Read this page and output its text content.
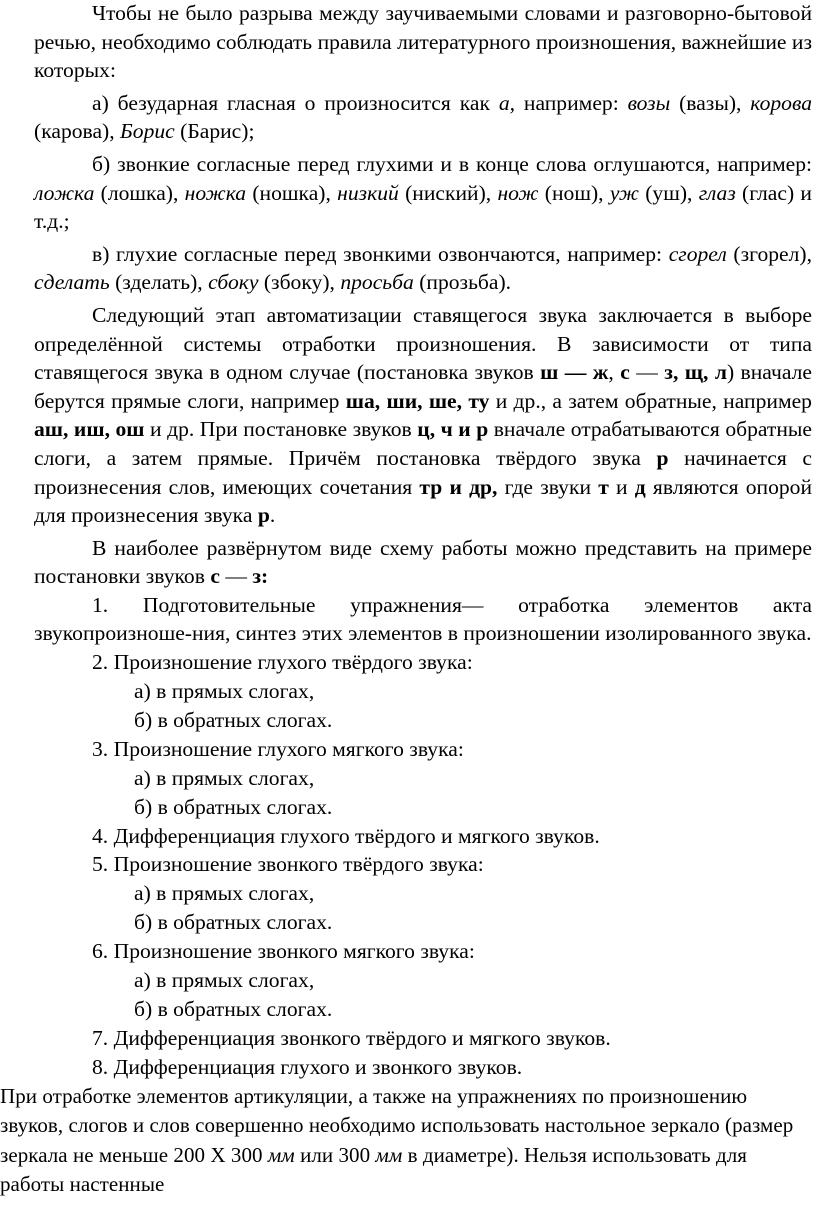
Чтобы не было разрыва между заучиваемыми словами и разговорно-бытовой речью, необходимо соблюдать правила литературного произношения, важнейшие из которых:

а) безударная гласная о произносится как а, например: возы (вазы), корова (карова), Борис (Барис);

б) звонкие согласные перед глухими и в конце слова оглушаются, например: ложка (лошка), ножка (ношка), низкий (ниский), нож (нош), уж (уш), глаз (глас) и т.д.;

в) глухие согласные перед звонкими озвончаются, например: сгорел (згорел), сделать (зделать), сбоку (збоку), просьба (прозьба).

Следующий этап автоматизации ставящегося звука заключается в выборе определённой системы отработки произношения. В зависимости от типа ставящегося звука в одном случае (постановка звуков ш — ж, с — з, щ, л) вначале берутся прямые слоги, например ша, ши, ше, ту и др., а затем обратные, например аш, иш, ош и др. При постановке звуков ц, ч и р вначале отрабатываются обратные слоги, а затем прямые. Причём постановка твёрдого звука р начинается с произнесения слов, имеющих сочетания тр и др, где звуки т и д являются опорой для произнесения звука р.

В наиболее развёрнутом виде схему работы можно представить на примере постановки звуков с — з:

1. Подготовительные упражнения— отработка элементов акта звукопроизноше-ния, синтез этих элементов в произношении изолированного звука.

2. Произношение глухого твёрдого звука:

а) в прямых слогах,

б) в обратных слогах.

3. Произношение глухого мягкого звука:

а) в прямых слогах,

б) в обратных слогах.

4. Дифференциация глухого твёрдого и мягкого звуков.

5. Произношение звонкого твёрдого звука:

а) в прямых слогах,

б) в обратных слогах.

6. Произношение звонкого мягкого звука:

а) в прямых слогах,

б) в обратных слогах.

7. Дифференциация звонкого твёрдого и мягкого звуков.

8. Дифференциация глухого и звонкого звуков.

При отработке элементов артикуляции, а также на упражнениях по произношению звуков, слогов и слов совершенно необходимо использовать настольное зеркало (размер зеркала не меньше 200 Х 300 мм или 300 мм в диаметре). Нельзя использовать для работы настенные
